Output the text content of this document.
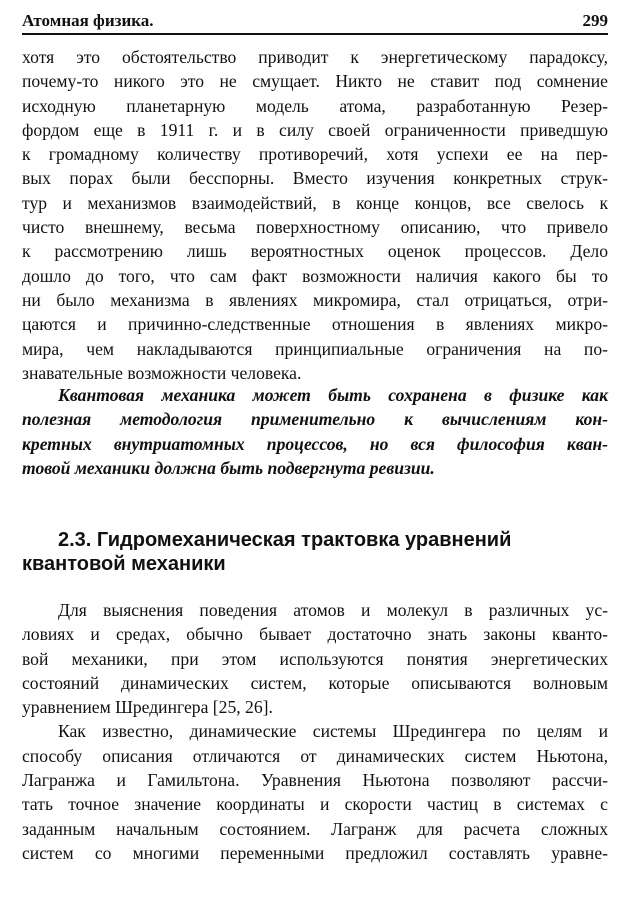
Атомная физика.	299
хотя это обстоятельство приводит к энергетическому парадоксу,
почему-то никого это не смущает. Никто не ставит под сомнение
исходную планетарную модель атома, разработанную Резер-
фордом еще в 1911 г. и в силу своей ограниченности приведшую
к громадному количеству противоречий, хотя успехи ее на пер-
вых порах были бесспорны. Вместо изучения конкретных струк-
тур и механизмов взаимодействий, в конце концов, все свелось к
чисто внешнему, весьма поверхностному описанию, что привело
к рассмотрению лишь вероятностных оценок процессов. Дело
дошло до того, что сам факт возможности наличия какого бы то
ни было механизма в явлениях микромира, стал отрицаться, отри-
цаются и причинно-следственные отношения в явлениях микро-
мира, чем накладываются принципиальные ограничения на по-
знавательные возможности человека.
Квантовая механика может быть сохранена в физике как
полезная методология применительно к вычислениям кон-
кретных внутриатомных процессов, но вся философия кван-
товой механики должна быть подвергнута ревизии.
2.3. Гидромеханическая трактовка уравнений
квантовой механики
Для выяснения поведения атомов и молекул в различных ус-
ловиях и средах, обычно бывает достаточно знать законы кванто-
вой механики, при этом используются понятия энергетических
состояний динамических систем, которые описываются волновым
уравнением Шредингера [25, 26].
Как известно, динамические системы Шредингера по целям и
способу описания отличаются от динамических систем Ньютона,
Лагранжа и Гамильтона. Уравнения Ньютона позволяют рассчи-
тать точное значение координаты и скорости частиц в системах с
заданным начальным состоянием. Лагранж для расчета сложных
систем со многими переменными предложил составлять уравне-
